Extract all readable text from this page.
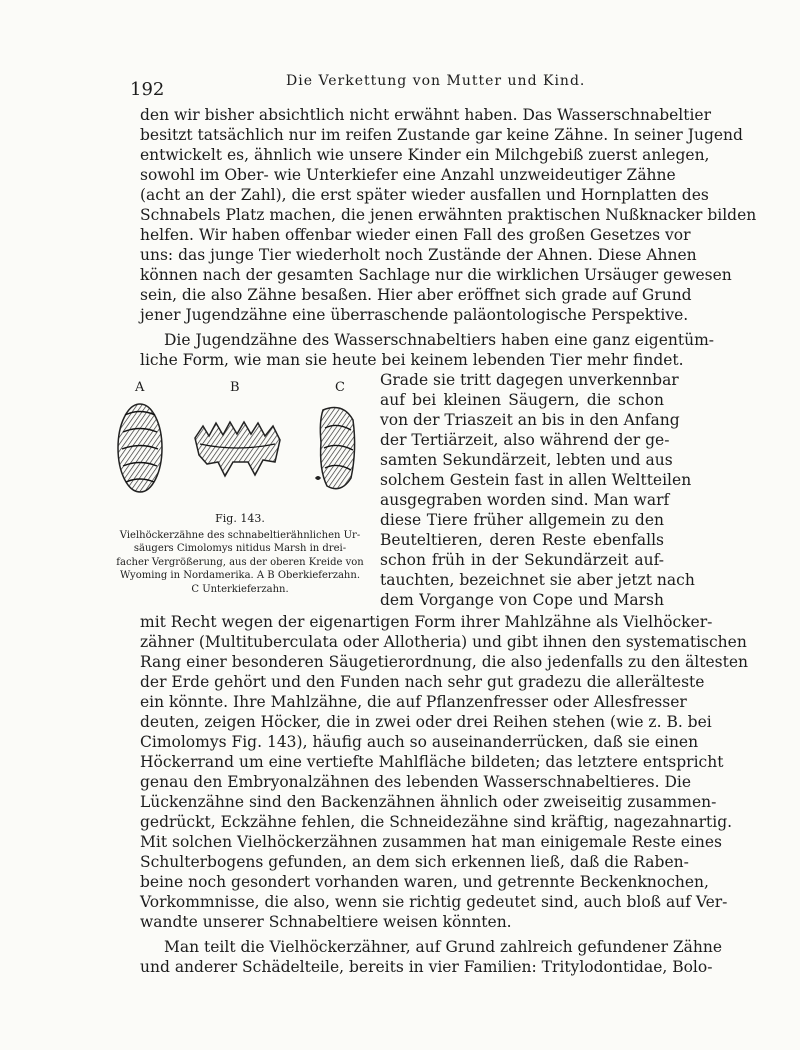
192	Die Verkettung von Mutter und Kind.
den wir bisher absichtlich nicht erwähnt haben. Das Wasserschnabeltier
besitzt tatsächlich nur im reifen Zustande gar keine Zähne. In seiner Jugend
entwickelt es, ähnlich wie unsere Kinder ein Milchgebiß zuerst anlegen,
sowohl im Ober- wie Unterkiefer eine Anzahl unzweideutiger Zähne
(acht an der Zahl), die erst später wieder ausfallen und Hornplatten des
Schnabels Platz machen, die jenen erwähnten praktischen Nußknacker bilden
helfen. Wir haben offenbar wieder einen Fall des großen Gesetzes vor
uns: das junge Tier wiederholt noch Zustände der Ahnen. Diese Ahnen
können nach der gesamten Sachlage nur die wirklichen Ursäuger gewesen
sein, die also Zähne besaßen. Hier aber eröffnet sich grade auf Grund
jener Jugendzähne eine überraschende paläontologische Perspektive.
Die Jugendzähne des Wasserschnabeltiers haben eine ganz eigentüm-
liche Form, wie man sie heute bei keinem lebenden Tier mehr findet.
A	B	C
Fig. 143.
Vielhöckerzähne des schnabeltierähnlichen Ur-
säugers Cimolomys nitidus Marsh in drei-
facher Vergrößerung, aus der oberen Kreide von
Wyoming in Nordamerika. A B Oberkieferzahn.
C Unterkieferzahn.
Grade sie tritt dagegen unverkennbar
auf bei kleinen Säugern, die schon
von der Triaszeit an bis in den Anfang
der Tertiärzeit, also während der ge-
samten Sekundärzeit, lebten und aus
solchem Gestein fast in allen Weltteilen
ausgegraben worden sind. Man warf
diese Tiere früher allgemein zu den
Beuteltieren, deren Reste ebenfalls
schon früh in der Sekundärzeit auf-
tauchten, bezeichnet sie aber jetzt nach
dem Vorgange von Cope und Marsh
mit Recht wegen der eigenartigen Form ihrer Mahlzähne als Vielhöcker-
zähner (Multituberculata oder Allotheria) und gibt ihnen den systematischen
Rang einer besonderen Säugetierordnung, die also jedenfalls zu den ältesten
der Erde gehört und den Funden nach sehr gut gradezu die allerälteste
ein könnte. Ihre Mahlzähne, die auf Pflanzenfresser oder Allesfresser
deuten, zeigen Höcker, die in zwei oder drei Reihen stehen (wie z. B. bei
Cimolomys Fig. 143), häufig auch so auseinanderrücken, daß sie einen
Höckerrand um eine vertiefte Mahlfläche bildeten; das letztere entspricht
genau den Embryonalzähnen des lebenden Wasserschnabeltieres. Die
Lückenzähne sind den Backenzähnen ähnlich oder zweiseitig zusammen-
gedrückt, Eckzähne fehlen, die Schneidezähne sind kräftig, nagezahnartig.
Mit solchen Vielhöckerzähnen zusammen hat man einigemale Reste eines
Schulterbogens gefunden, an dem sich erkennen ließ, daß die Raben-
beine noch gesondert vorhanden waren, und getrennte Beckenknochen,
Vorkommnisse, die also, wenn sie richtig gedeutet sind, auch bloß auf Ver-
wandte unserer Schnabeltiere weisen könnten.
Man teilt die Vielhöckerzähner, auf Grund zahlreich gefundener Zähne
und anderer Schädelteile, bereits in vier Familien: Tritylodontidae, Bolo-
